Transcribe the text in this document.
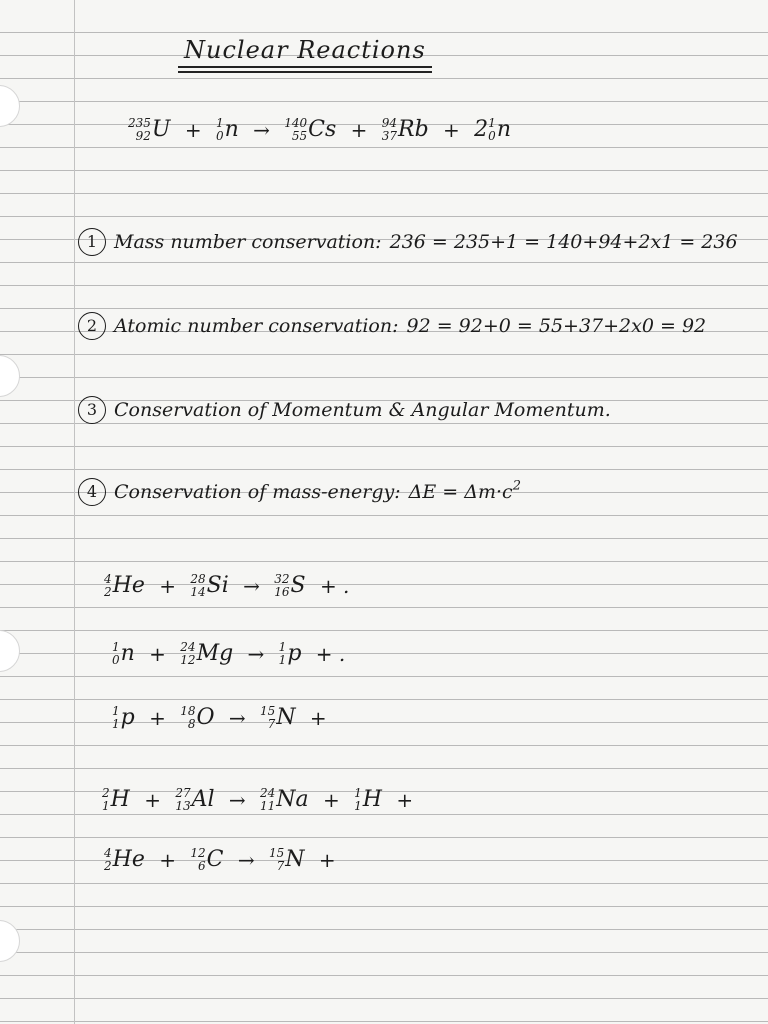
Nuclear Reactions
235
92 U + 1
0 n → 140
55 Cs + 94
37 Rb + 2 1
0 n
1 Mass number conservation: 236 = 235+1 = 140+94+2x1 = 236
2 Atomic number conservation: 92 = 92+0 = 55+37+2x0 = 92
3 Conservation of Momentum & Angular Momentum.
4 Conservation of mass-energy: $\Delta E = \Delta m\cdot c^2$
4
2 He + 28
14 Si → 32
16 S + .
1
0 n + 24
12 Mg → 1
1 p + .
1
1 p + 18
8 O → 15
7 N +
2
1 H + 27
13 Al → 24
11 Na + 1
1 H +
4
2 He + 12
6 C → 15
7 N +
